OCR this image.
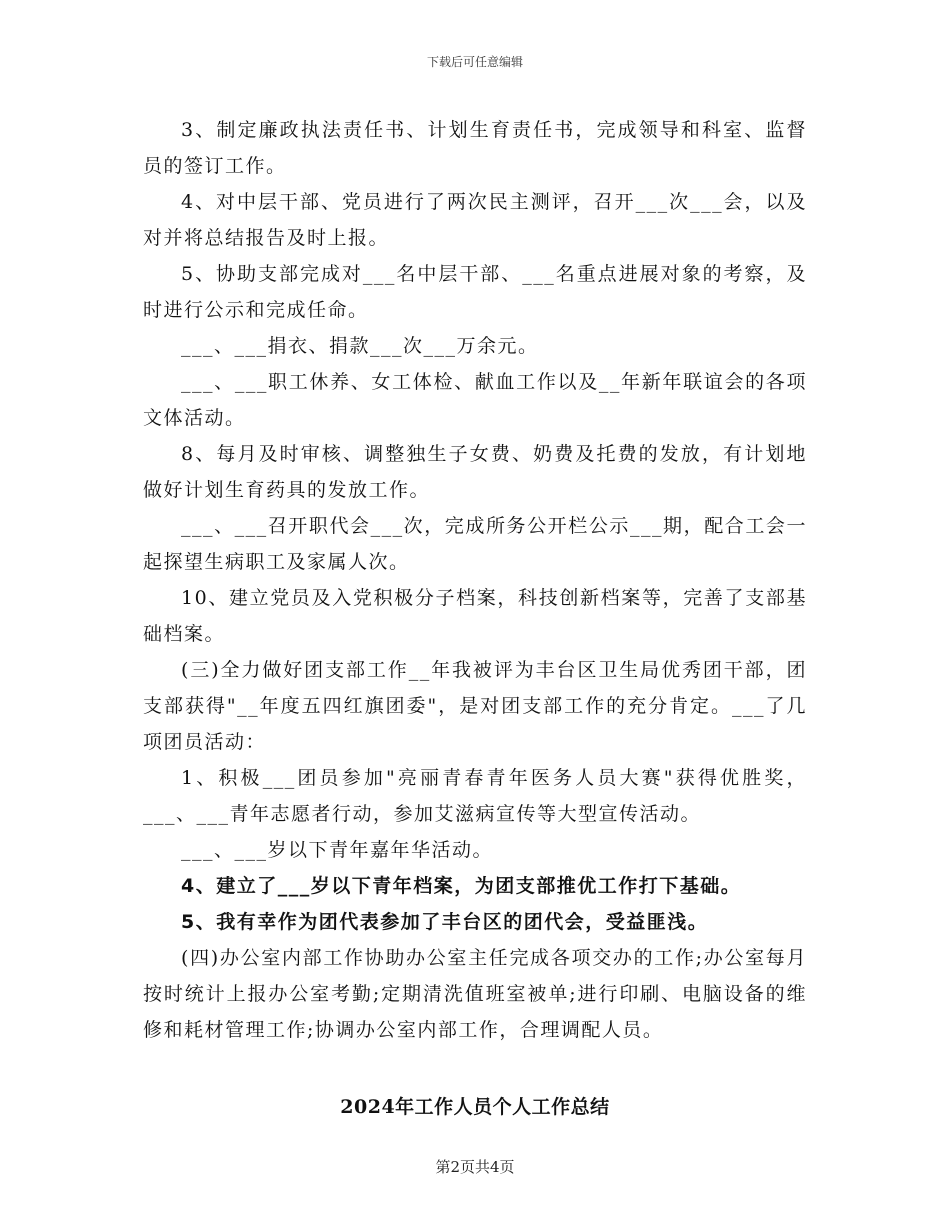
下载后可任意编辑

3、制定廉政执法责任书、计划生育责任书，完成领导和科室、监督员的签订工作。

4、对中层干部、党员进行了两次民主测评，召开___次___会，以及对并将总结报告及时上报。

5、协助支部完成对___名中层干部、___名重点进展对象的考察，及时进行公示和完成任命。

___、___捐衣、捐款___次___万余元。

___、___职工休养、女工体检、献血工作以及__年新年联谊会的各项文体活动。

8、每月及时审核、调整独生子女费、奶费及托费的发放，有计划地做好计划生育药具的发放工作。

___、___召开职代会___次，完成所务公开栏公示___期，配合工会一起探望生病职工及家属人次。

10、建立党员及入党积极分子档案，科技创新档案等，完善了支部基础档案。

(三)全力做好团支部工作__年我被评为丰台区卫生局优秀团干部，团支部获得"__年度五四红旗团委"，是对团支部工作的充分肯定。___了几项团员活动：

1、积极___团员参加"亮丽青春青年医务人员大赛"获得优胜奖，___、___青年志愿者行动，参加艾滋病宣传等大型宣传活动。

___、___岁以下青年嘉年华活动。

4、建立了___岁以下青年档案，为团支部推优工作打下基础。

5、我有幸作为团代表参加了丰台区的团代会，受益匪浅。

(四)办公室内部工作协助办公室主任完成各项交办的工作;办公室每月按时统计上报办公室考勤;定期清洗值班室被单;进行印刷、电脑设备的维修和耗材管理工作;协调办公室内部工作，合理调配人员。

2024年工作人员个人工作总结
第2页共4页
